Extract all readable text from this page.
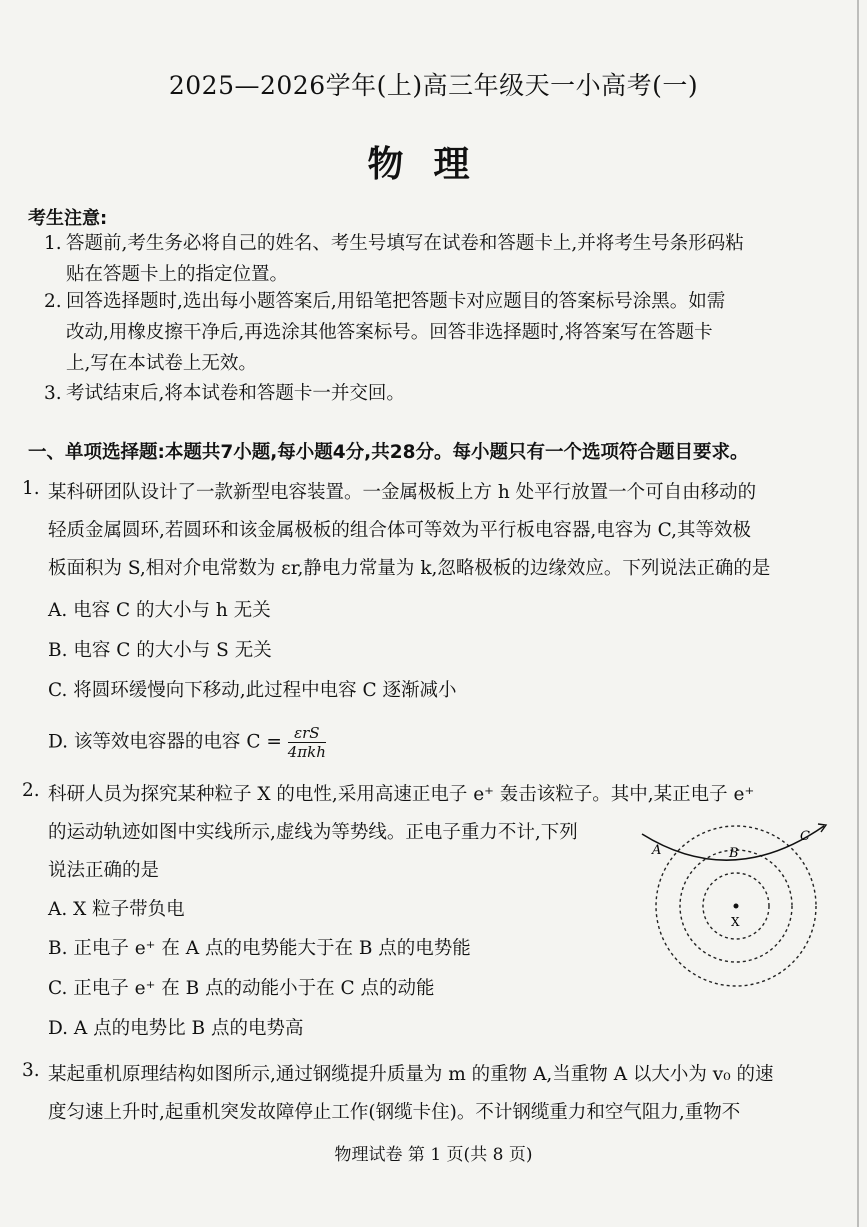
2025—2026学年(上)高三年级天一小高考(一)
物理
考生注意:
1. 答题前,考生务必将自己的姓名、考生号填写在试卷和答题卡上,并将考生号条形码粘
贴在答题卡上的指定位置。
2. 回答选择题时,选出每小题答案后,用铅笔把答题卡对应题目的答案标号涂黑。如需
改动,用橡皮擦干净后,再选涂其他答案标号。回答非选择题时,将答案写在答题卡
上,写在本试卷上无效。
3. 考试结束后,将本试卷和答题卡一并交回。
一、单项选择题:本题共7小题,每小题4分,共28分。每小题只有一个选项符合题目要求。
1. 某科研团队设计了一款新型电容装置。一金属极板上方 h 处平行放置一个可自由移动的
轻质金属圆环,若圆环和该金属极板的组合体可等效为平行板电容器,电容为 C,其等效极
板面积为 S,相对介电常数为 εr,静电力常量为 k,忽略极板的边缘效应。下列说法正确的是
A. 电容 C 的大小与 h 无关
B. 电容 C 的大小与 S 无关
C. 将圆环缓慢向下移动,此过程中电容 C 逐渐减小
D. 该等效电容器的电容 $C = \frac{\text{εrS}}{\text{4πkh}}$
2. 科研人员为探究某种粒子 X 的电性,采用高速正电子 e⁺ 轰击该粒子。其中,某正电子 e⁺
的运动轨迹如图中实线所示,虚线为等势线。正电子重力不计,下列
说法正确的是
A. X 粒子带负电
B. 正电子 e⁺ 在 A 点的电势能大于在 B 点的电势能
C. 正电子 e⁺ 在 B 点的动能小于在 C 点的动能
D. A 点的电势比 B 点的电势高
A	B
C
X
3. 某起重机原理结构如图所示,通过钢缆提升质量为 m 的重物 A,当重物 A 以大小为 v₀ 的速
度匀速上升时,起重机突发故障停止工作(钢缆卡住)。不计钢缆重力和空气阻力,重物不
物理试卷 第 1 页(共 8 页)
